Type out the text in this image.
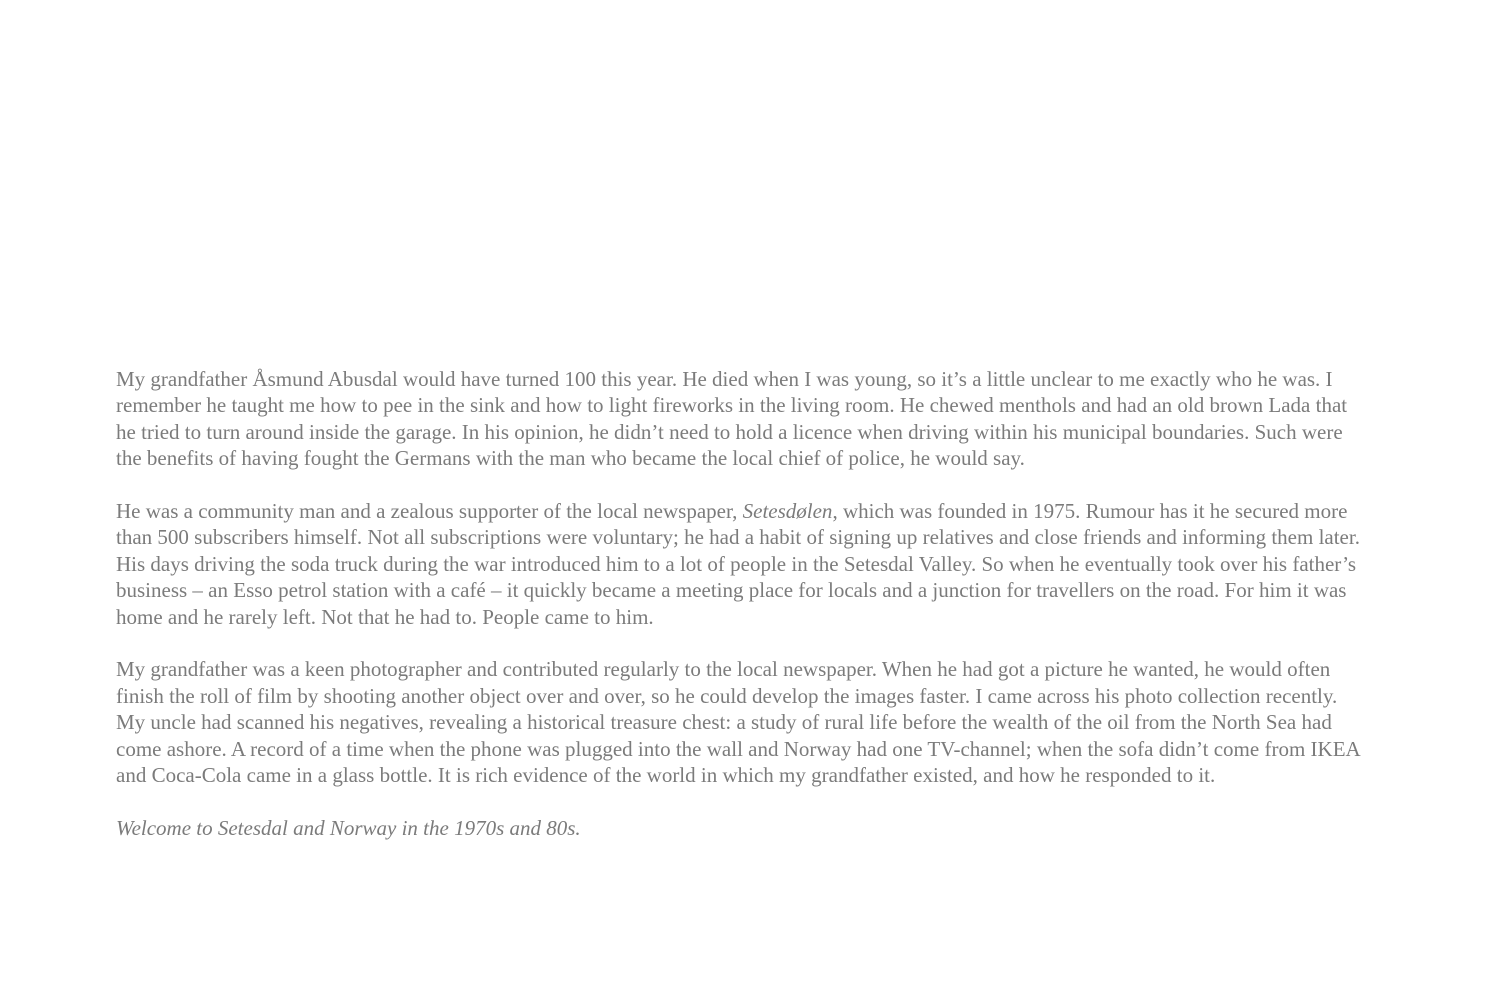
My grandfather Åsmund Abusdal would have turned 100 this year. He died when I was young, so it’s a little unclear to me exactly who he was. I remember he taught me how to pee in the sink and how to light fireworks in the living room. He chewed menthols and had an old brown Lada that he tried to turn around inside the garage. In his opinion, he didn’t need to hold a licence when driving within his municipal boundaries. Such were the benefits of having fought the Germans with the man who became the local chief of police, he would say.

He was a community man and a zealous supporter of the local newspaper, Setesdølen, which was founded in 1975. Rumour has it he secured more than 500 subscribers himself. Not all subscriptions were voluntary; he had a habit of signing up relatives and close friends and informing them later. His days driving the soda truck during the war introduced him to a lot of people in the Setesdal Valley. So when he eventually took over his father’s business – an Esso petrol station with a café – it quickly became a meeting place for locals and a junction for travellers on the road. For him it was home and he rarely left. Not that he had to. People came to him.

My grandfather was a keen photographer and contributed regularly to the local newspaper. When he had got a picture he wanted, he would often finish the roll of film by shooting another object over and over, so he could develop the images faster. I came across his photo collection recently. My uncle had scanned his negatives, revealing a historical treasure chest: a study of rural life before the wealth of the oil from the North Sea had come ashore. A record of a time when the phone was plugged into the wall and Norway had one TV-channel; when the sofa didn’t come from IKEA and Coca-Cola came in a glass bottle. It is rich evidence of the world in which my grandfather existed, and how he responded to it.

Welcome to Setesdal and Norway in the 1970s and 80s.
